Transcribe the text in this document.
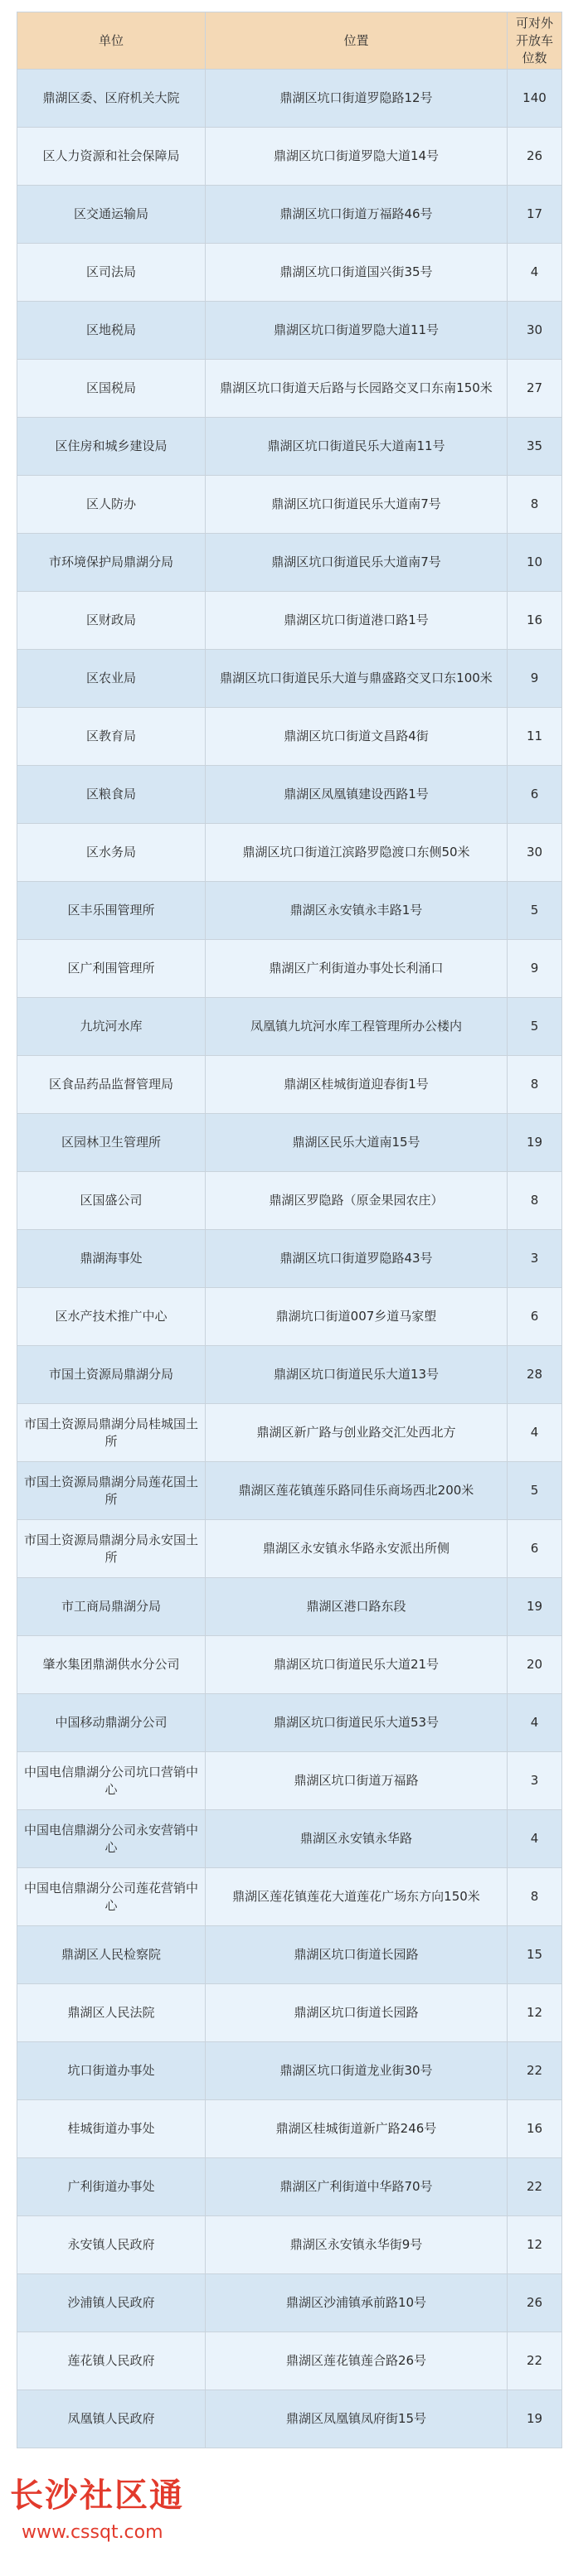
单位	位置	可对外开放车位数
鼎湖区委、区府机关大院	鼎湖区坑口街道罗隐路12号	140
区人力资源和社会保障局	鼎湖区坑口街道罗隐大道14号	26
区交通运输局	鼎湖区坑口街道万福路46号	17
区司法局	鼎湖区坑口街道国兴街35号	4
区地税局	鼎湖区坑口街道罗隐大道11号	30
区国税局	鼎湖区坑口街道天后路与长园路交叉口东南150米	27
区住房和城乡建设局	鼎湖区坑口街道民乐大道南11号	35
区人防办	鼎湖区坑口街道民乐大道南7号	8
市环境保护局鼎湖分局	鼎湖区坑口街道民乐大道南7号	10
区财政局	鼎湖区坑口街道港口路1号	16
区农业局	鼎湖区坑口街道民乐大道与鼎盛路交叉口东100米	9
区教育局	鼎湖区坑口街道文昌路4街	11
区粮食局	鼎湖区凤凰镇建设西路1号	6
区水务局	鼎湖区坑口街道江滨路罗隐渡口东侧50米	30
区丰乐围管理所	鼎湖区永安镇永丰路1号	5
区广利围管理所	鼎湖区广利街道办事处长利涌口	9
九坑河水库	凤凰镇九坑河水库工程管理所办公楼内	5
区食品药品监督管理局	鼎湖区桂城街道迎春街1号	8
区园林卫生管理所	鼎湖区民乐大道南15号	19
区国盛公司	鼎湖区罗隐路（原金果园农庄）	8
鼎湖海事处	鼎湖区坑口街道罗隐路43号	3
区水产技术推广中心	鼎湖坑口街道007乡道马家塱	6
市国土资源局鼎湖分局	鼎湖区坑口街道民乐大道13号	28
市国土资源局鼎湖分局桂城国土所	鼎湖区新广路与创业路交汇处西北方	4
市国土资源局鼎湖分局莲花国土所	鼎湖区莲花镇莲乐路同佳乐商场西北200米	5
市国土资源局鼎湖分局永安国土所	鼎湖区永安镇永华路永安派出所侧	6
市工商局鼎湖分局	鼎湖区港口路东段	19
肇水集团鼎湖供水分公司	鼎湖区坑口街道民乐大道21号	20
中国移动鼎湖分公司	鼎湖区坑口街道民乐大道53号	4
中国电信鼎湖分公司坑口营销中心	鼎湖区坑口街道万福路	3
中国电信鼎湖分公司永安营销中心	鼎湖区永安镇永华路	4
中国电信鼎湖分公司莲花营销中心	鼎湖区莲花镇莲花大道莲花广场东方向150米	8
鼎湖区人民检察院	鼎湖区坑口街道长园路	15
鼎湖区人民法院	鼎湖区坑口街道长园路	12
坑口街道办事处	鼎湖区坑口街道龙业街30号	22
桂城街道办事处	鼎湖区桂城街道新广路246号	16
广利街道办事处	鼎湖区广利街道中华路70号	22
永安镇人民政府	鼎湖区永安镇永华街9号	12
沙浦镇人民政府	鼎湖区沙浦镇承前路10号	26
莲花镇人民政府	鼎湖区莲花镇莲合路26号	22
凤凰镇人民政府	鼎湖区凤凰镇凤府街15号	19
长沙社区通
www.cssqt.com
